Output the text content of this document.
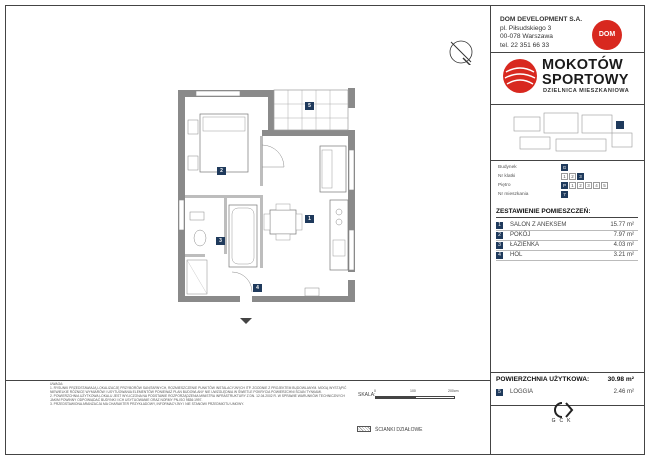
1
2
3
4
5
UWAGA:
1. RYSUNKI PRZEDSTAWIAJĄ LOKALIZACJĘ PRZYBORÓW SANITARNYCH, ROZMIESZCZENIE PUNKTÓW INSTALACYJNYCH ITP. ZGODNIE Z PROJEKTEM BUDOWLANYM. MOGĄ WYSTĄPIĆ NIEWIELKIE RÓŻNICE WYMIARÓW I USYTUOWANIA ELEMENTÓW PONIEWAŻ PLAN BUDOWLANY NIE UWZGLĘDNIA W ŚWIETLE POKRYCIA POWIERZCHNI ŚCIAN TYNKAMI.
2. POWIERZCHNIA UŻYTKOWA LOKALU JEST WYLICZONA NA PODSTAWIE ROZPORZĄDZENIA MINISTRA INFRASTRUKTURY Z DN. 12.04.2002 R. W SPRAWIE WARUNKÓW TECHNICZNYCH JAKIM POWINNY ODPOWIADAĆ BUDYNKI I ICH USYTUOWANIE ORAZ NORMY PN-ISO 9836:1997.
3. PRZEDSTAWIONA ARANŻACJA MA CHARAKTER PRZYKŁADOWY, INFORMACYJNY I NIE STANOWI PRZEDMIOTU UMOWY.
SKALA:
0	100	200cm
ŚCIANKI DZIAŁOWE
DOM DEVELOPMENT S.A.
pl. Piłsudskiego 3
00-078 Warszawa
tel. 22 351 66 33
DOM
MOKOTÓW
SPORTOWY
DZIELNICA MIESZKANIOWA
Budynek	G
Nr klatki	1	2	3
Piętro	P	1	2	3	4	5
Nr mieszkania	7
ZESTAWIENIE POMIESZCZEŃ:
1	SALON Z ANEKSEM	15.77 m²
2	POKÓJ	7.97 m²
3	ŁAZIENKA	4.03 m²
4	HOL	3.21 m²
POWIERZCHNIA UŻYTKOWA:	30.98 m²
5	LOGGIA	2.46 m²
GCK
